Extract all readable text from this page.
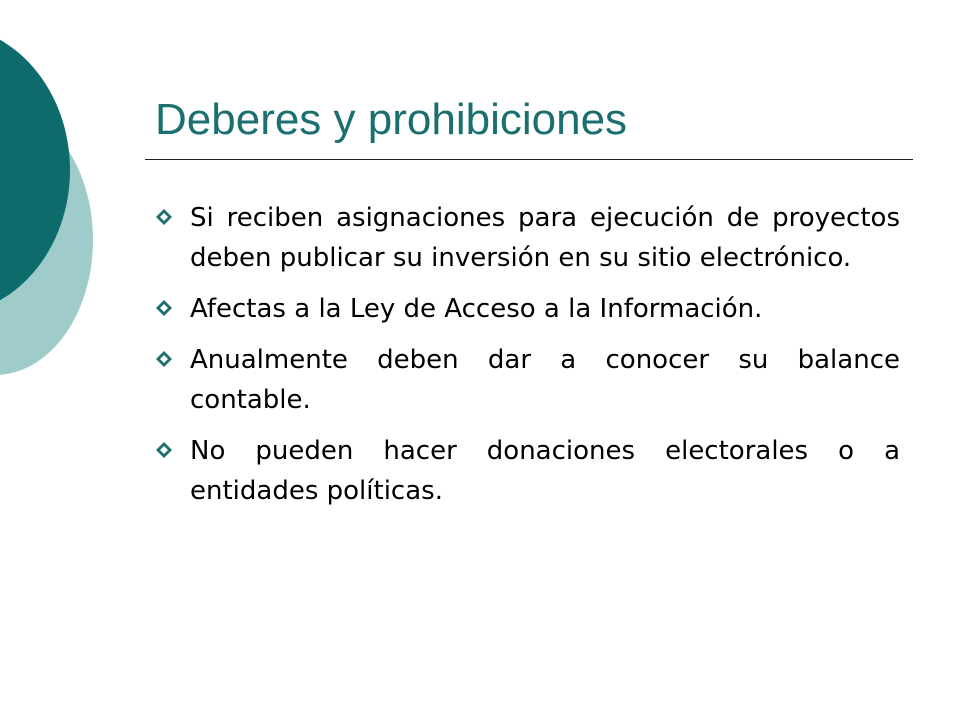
Deberes y prohibiciones
Si reciben asignaciones para ejecución de proyectos deben publicar su inversión en su sitio electrónico.
Afectas a la Ley de Acceso a la Información.
Anualmente deben dar a conocer su balance contable.
No pueden hacer donaciones electorales o a entidades políticas.
